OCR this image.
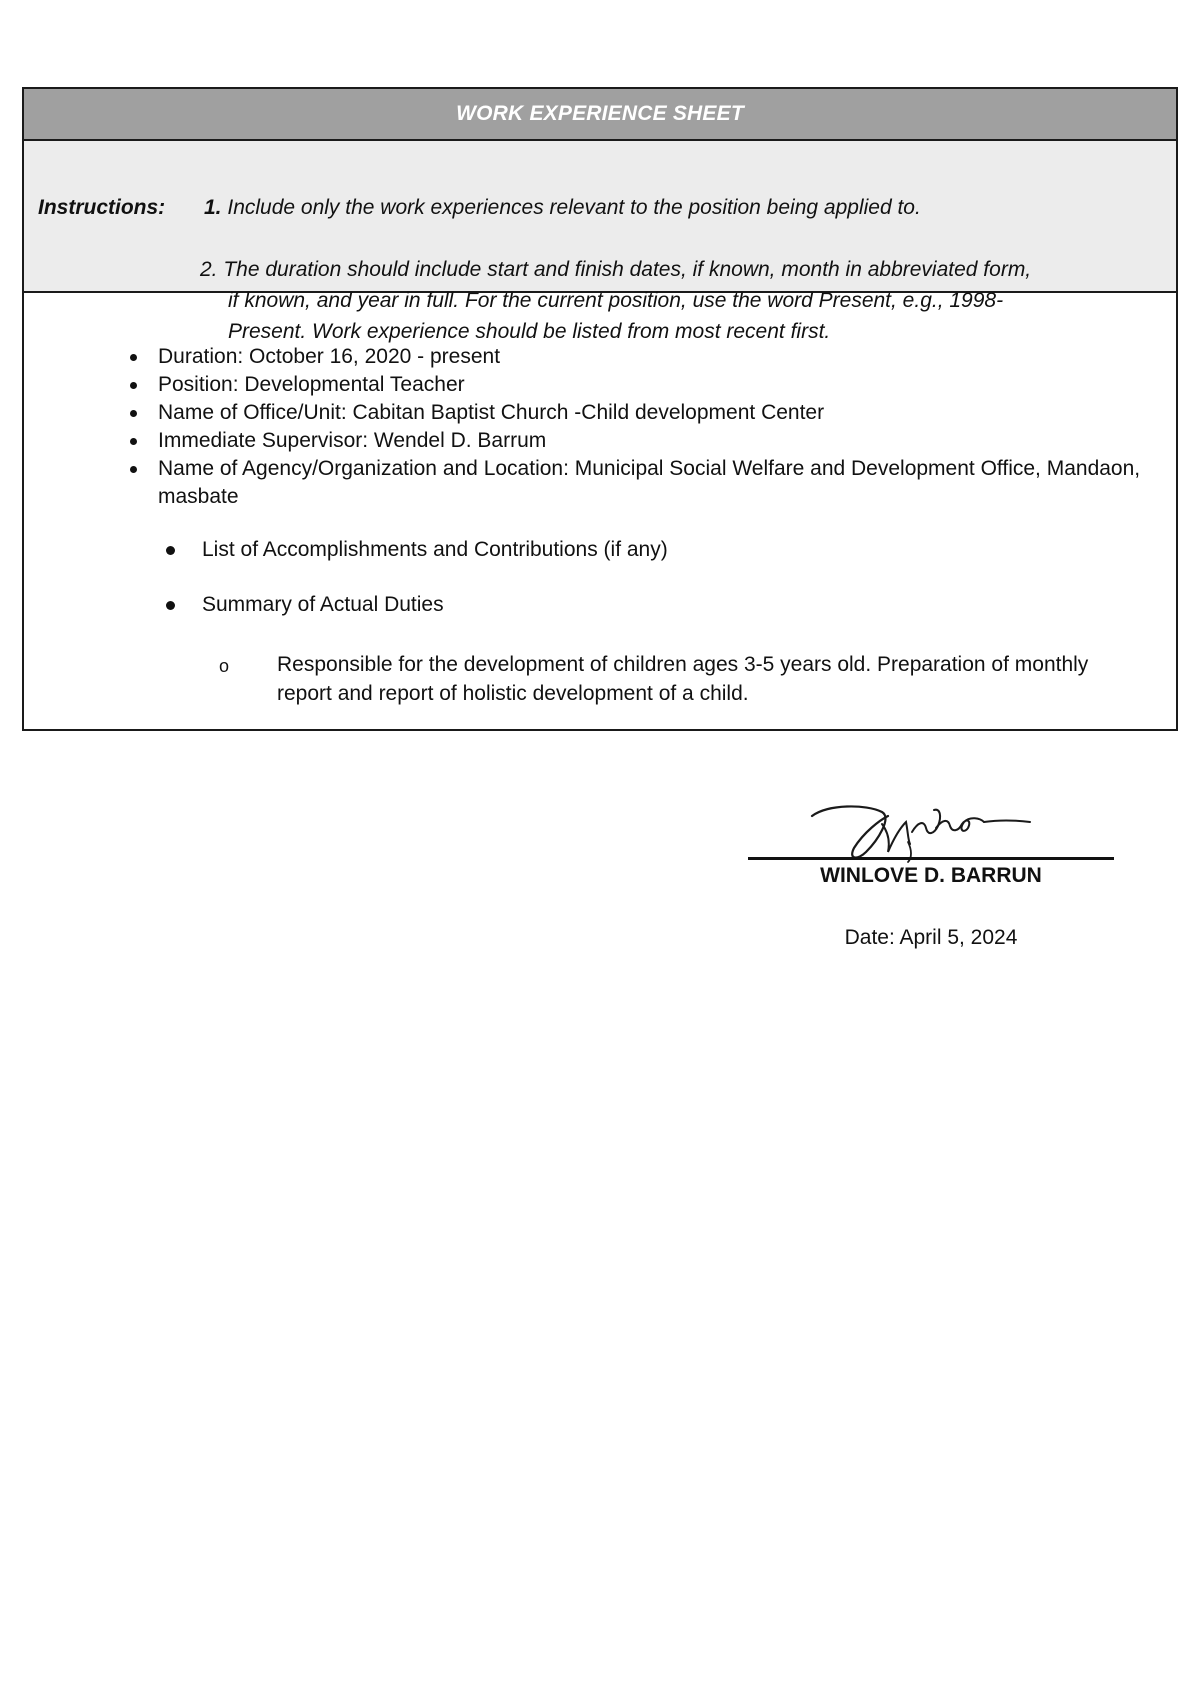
WORK EXPERIENCE SHEET
Instructions: 1. Include only the work experiences relevant to the position being applied to.
2. The duration should include start and finish dates, if known, month in abbreviated form,
if known, and year in full. For the current position, use the word Present, e.g., 1998-
Present. Work experience should be listed from most recent first.
Duration: October 16, 2020 - present
Position: Developmental Teacher
Name of Office/Unit: Cabitan Baptist Church -Child development Center
Immediate Supervisor: Wendel D. Barrum
Name of Agency/Organization and Location: Municipal Social Welfare and Development Office, Mandaon, masbate
List of Accomplishments and Contributions (if any)
Summary of Actual Duties
o Responsible for the development of children ages 3-5 years old. Preparation of monthly report and report of holistic development of a child.
WINLOVE D. BARRUN
Date: April 5, 2024
